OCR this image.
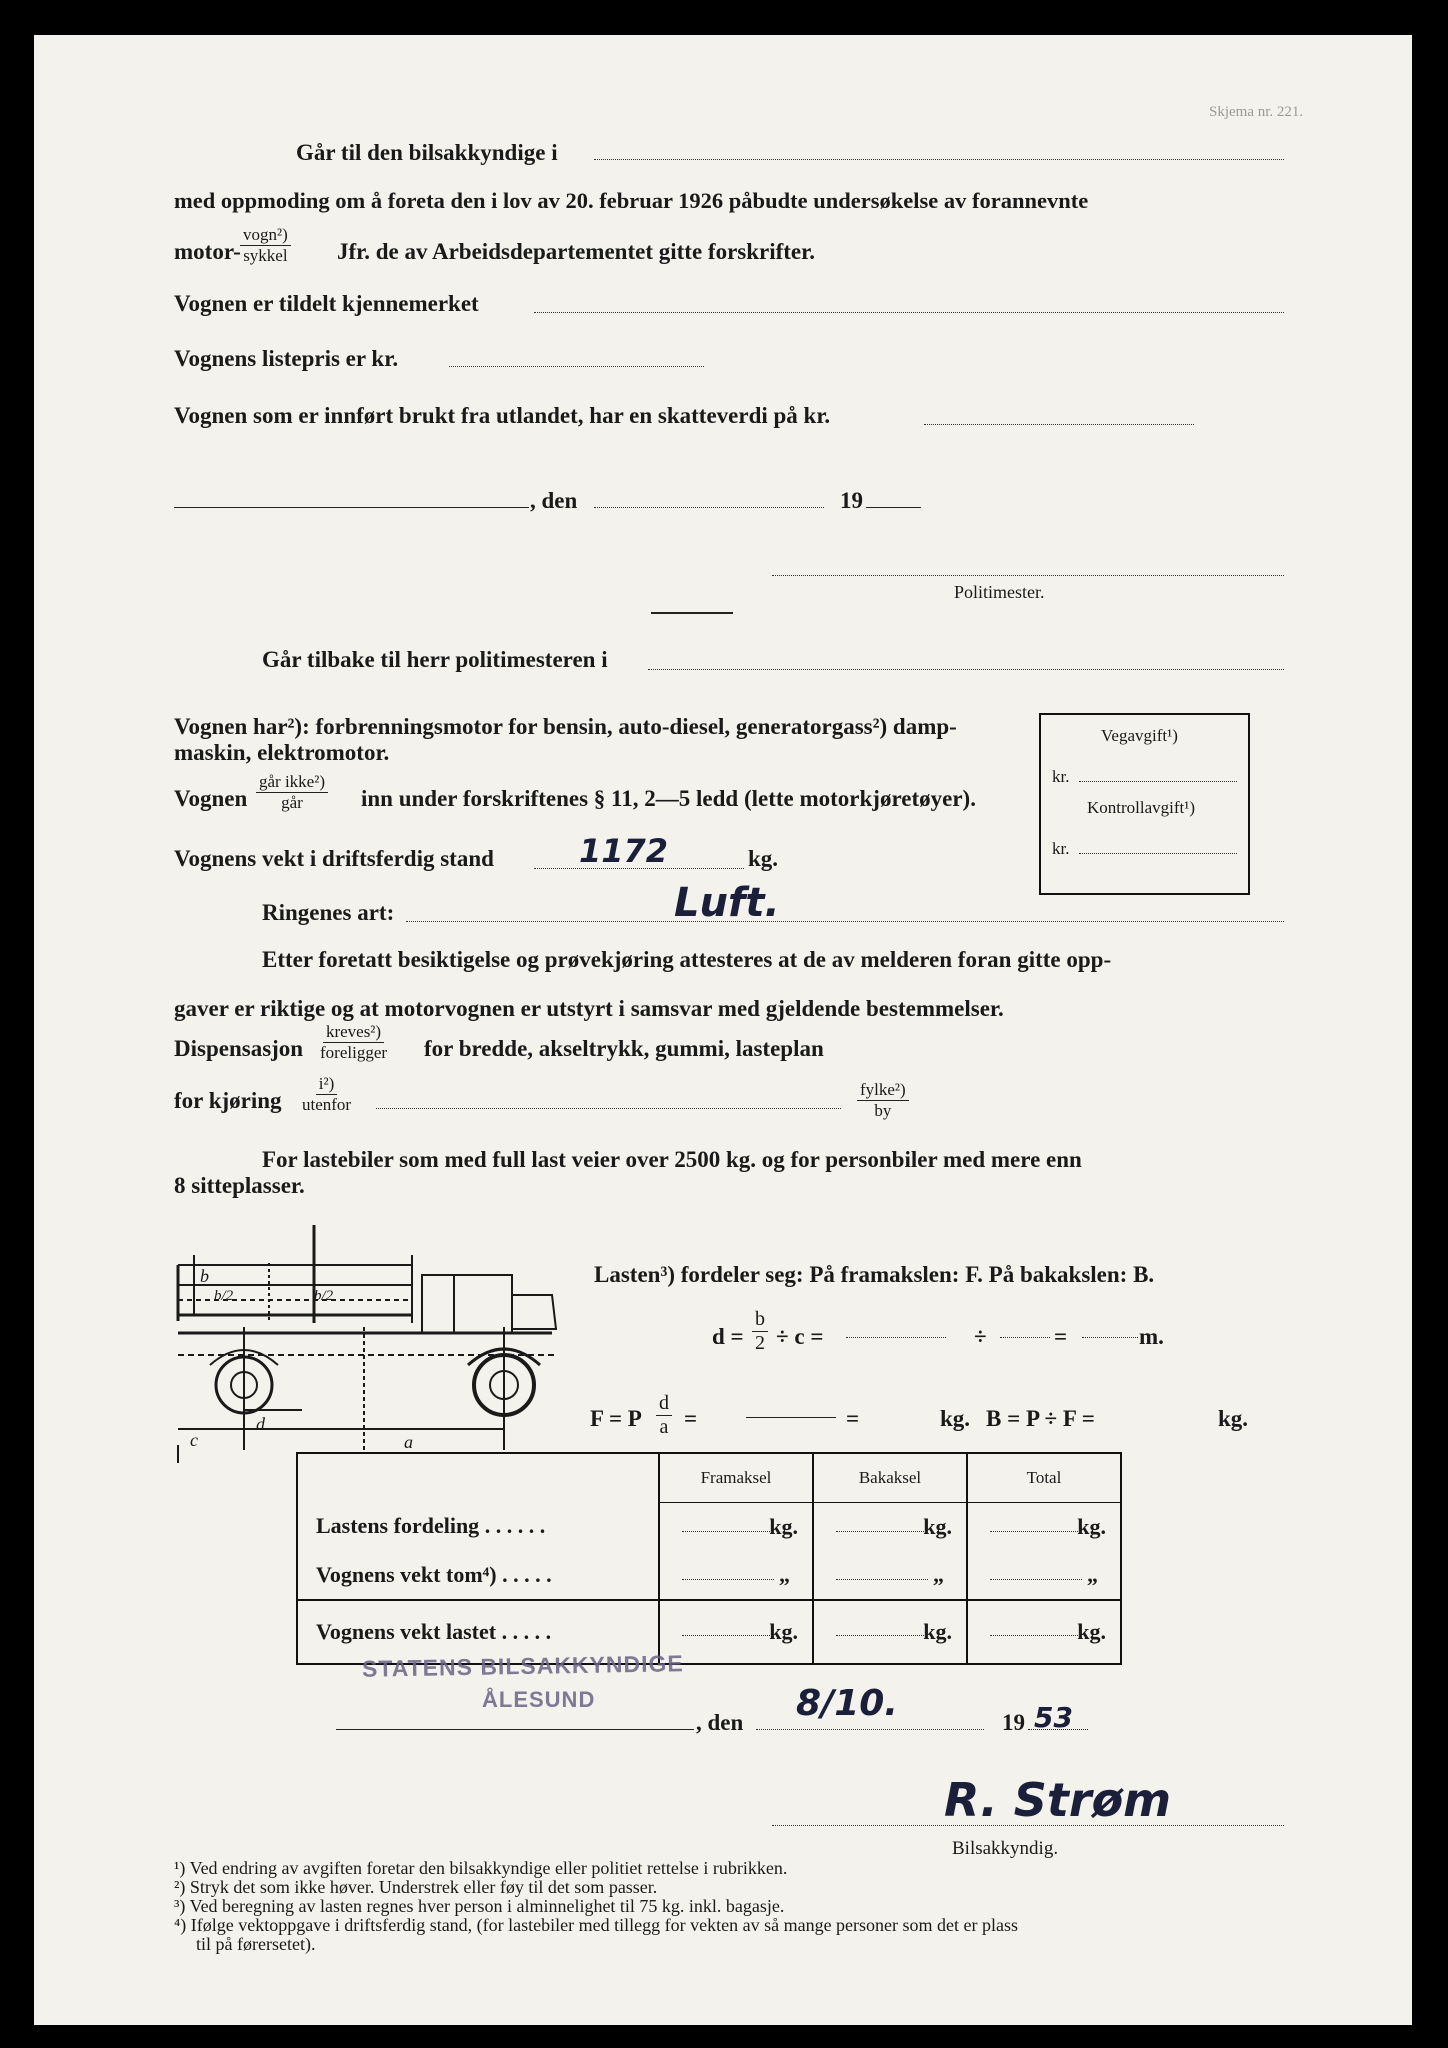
Skjema nr. 221.
Går til den bilsakkyndige i
med oppmoding om å foreta den i lov av 20. februar 1926 påbudte undersøkelse av forannevnte
motor-
vogn²)
sykkel Jfr. de av Arbeidsdepartementet gitte forskrifter.
Vognen er tildelt kjennemerket
Vognens listepris er kr.
Vognen som er innført brukt fra utlandet, har en skatteverdi på kr.
, den	19
Politimester.
Går tilbake til herr politimesteren i
Vognen har²): forbrenningsmotor for bensin, auto-diesel, generatorgass²) damp-
maskin, elektromotor.
Vognen
går ikke²)
går	inn under forskriftenes § 11, 2—5 ledd (lette motorkjøretøyer).
Vognens vekt i driftsferdig stand	1172	kg.
Ringenes art:	Luft.
Vegavgift¹)
kr.
Kontrollavgift¹)
kr.
Etter foretatt besiktigelse og prøvekjøring attesteres at de av melderen foran gitte opp-
gaver er riktige og at motorvognen er utstyrt i samsvar med gjeldende bestemmelser.
Dispensasjon
kreves²)
foreligger for bredde, akseltrykk, gummi, lasteplan
for kjøring
i²)
utenfor
fylke²)
by
For lastebiler som med full last veier over 2500 kg. og for personbiler med mere enn
8 sitteplasser.
b
b/2	b/2
c
d
a
Lasten³) fordeler seg: På framakslen: F. På bakakslen: B.
$d = \frac{b}{2} \div c$ =	÷	=	m.
F = P $\frac{d}{a}$ =	=	kg. B = P ÷ F =	kg.
	Framaksel	Bakaksel	Total
Lastens fordeling . . . . . .	kg.	kg.	kg.
Vognens vekt tom⁴) . . . . .	„	„	„
Vognens vekt lastet . . . . .	kg.	kg.	kg.
STATENS BILSAKKYNDIGE
ÅLESUND
, den 8/10.	19 53
R. Strøm
Bilsakkyndig.
¹) Ved endring av avgiften foretar den bilsakkyndige eller politiet rettelse i rubrikken.
²) Stryk det som ikke høver. Understrek eller føy til det som passer.
³) Ved beregning av lasten regnes hver person i alminnelighet til 75 kg. inkl. bagasje.
⁴) Ifølge vektoppgave i driftsferdig stand, (for lastebiler med tillegg for vekten av så mange personer som det er plass
til på førersetet).
